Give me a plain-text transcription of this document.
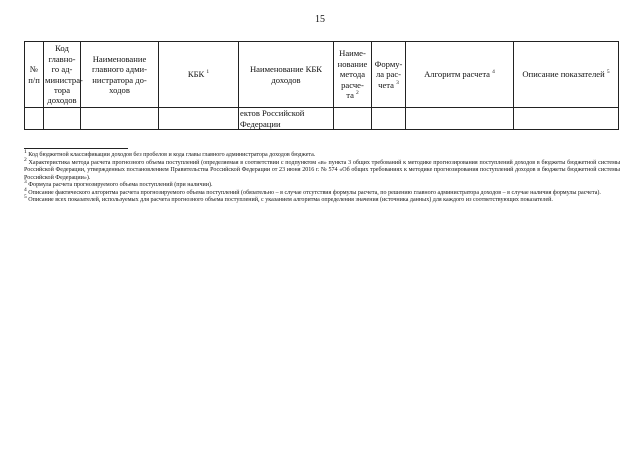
15
№ п/п	Код главно-го ад-министра-тора доходов	Наименование главного адми-нистратора до-ходов	КБК $^1$	Наименование КБК доходов	Наиме-нование метода расче-та $^2$	Форму-ла рас-чета $^3$	Алгоритм расчета $^4$	Описание показателей $^5$
				ектов Российской Федерации				

$^1$ Код бюджетной классификации доходов без пробелов и кода главы главного администратора доходов бюджета.

$^2$ Характеристика метода расчета прогнозного объема поступлений (определяемая в соответствии с подпунктом «в» пункта 3 общих требований к методике прогнозирования поступлений доходов в бюджеты бюджетной системы Российской Федерации, утвержденных постановлением Правительства Российской Федерации от 23 июня 2016 г. № 574 «Об общих требованиях к методике прогнозирования поступлений доходов в бюджеты бюджетной системы Российской Федерации»).

$^3$ Формула расчета прогнозируемого объема поступлений (при наличии).

$^4$ Описание фактического алгоритма расчета прогнозируемого объема поступлений (обязательно – в случае отсутствия формулы расчета, по решению главного администратора доходов – в случае наличия формулы расчета).

$^5$ Описание всех показателей, используемых для расчета прогнозного объема поступлений, с указанием алгоритма определения значения (источника данных) для каждого из соответствующих показателей.
